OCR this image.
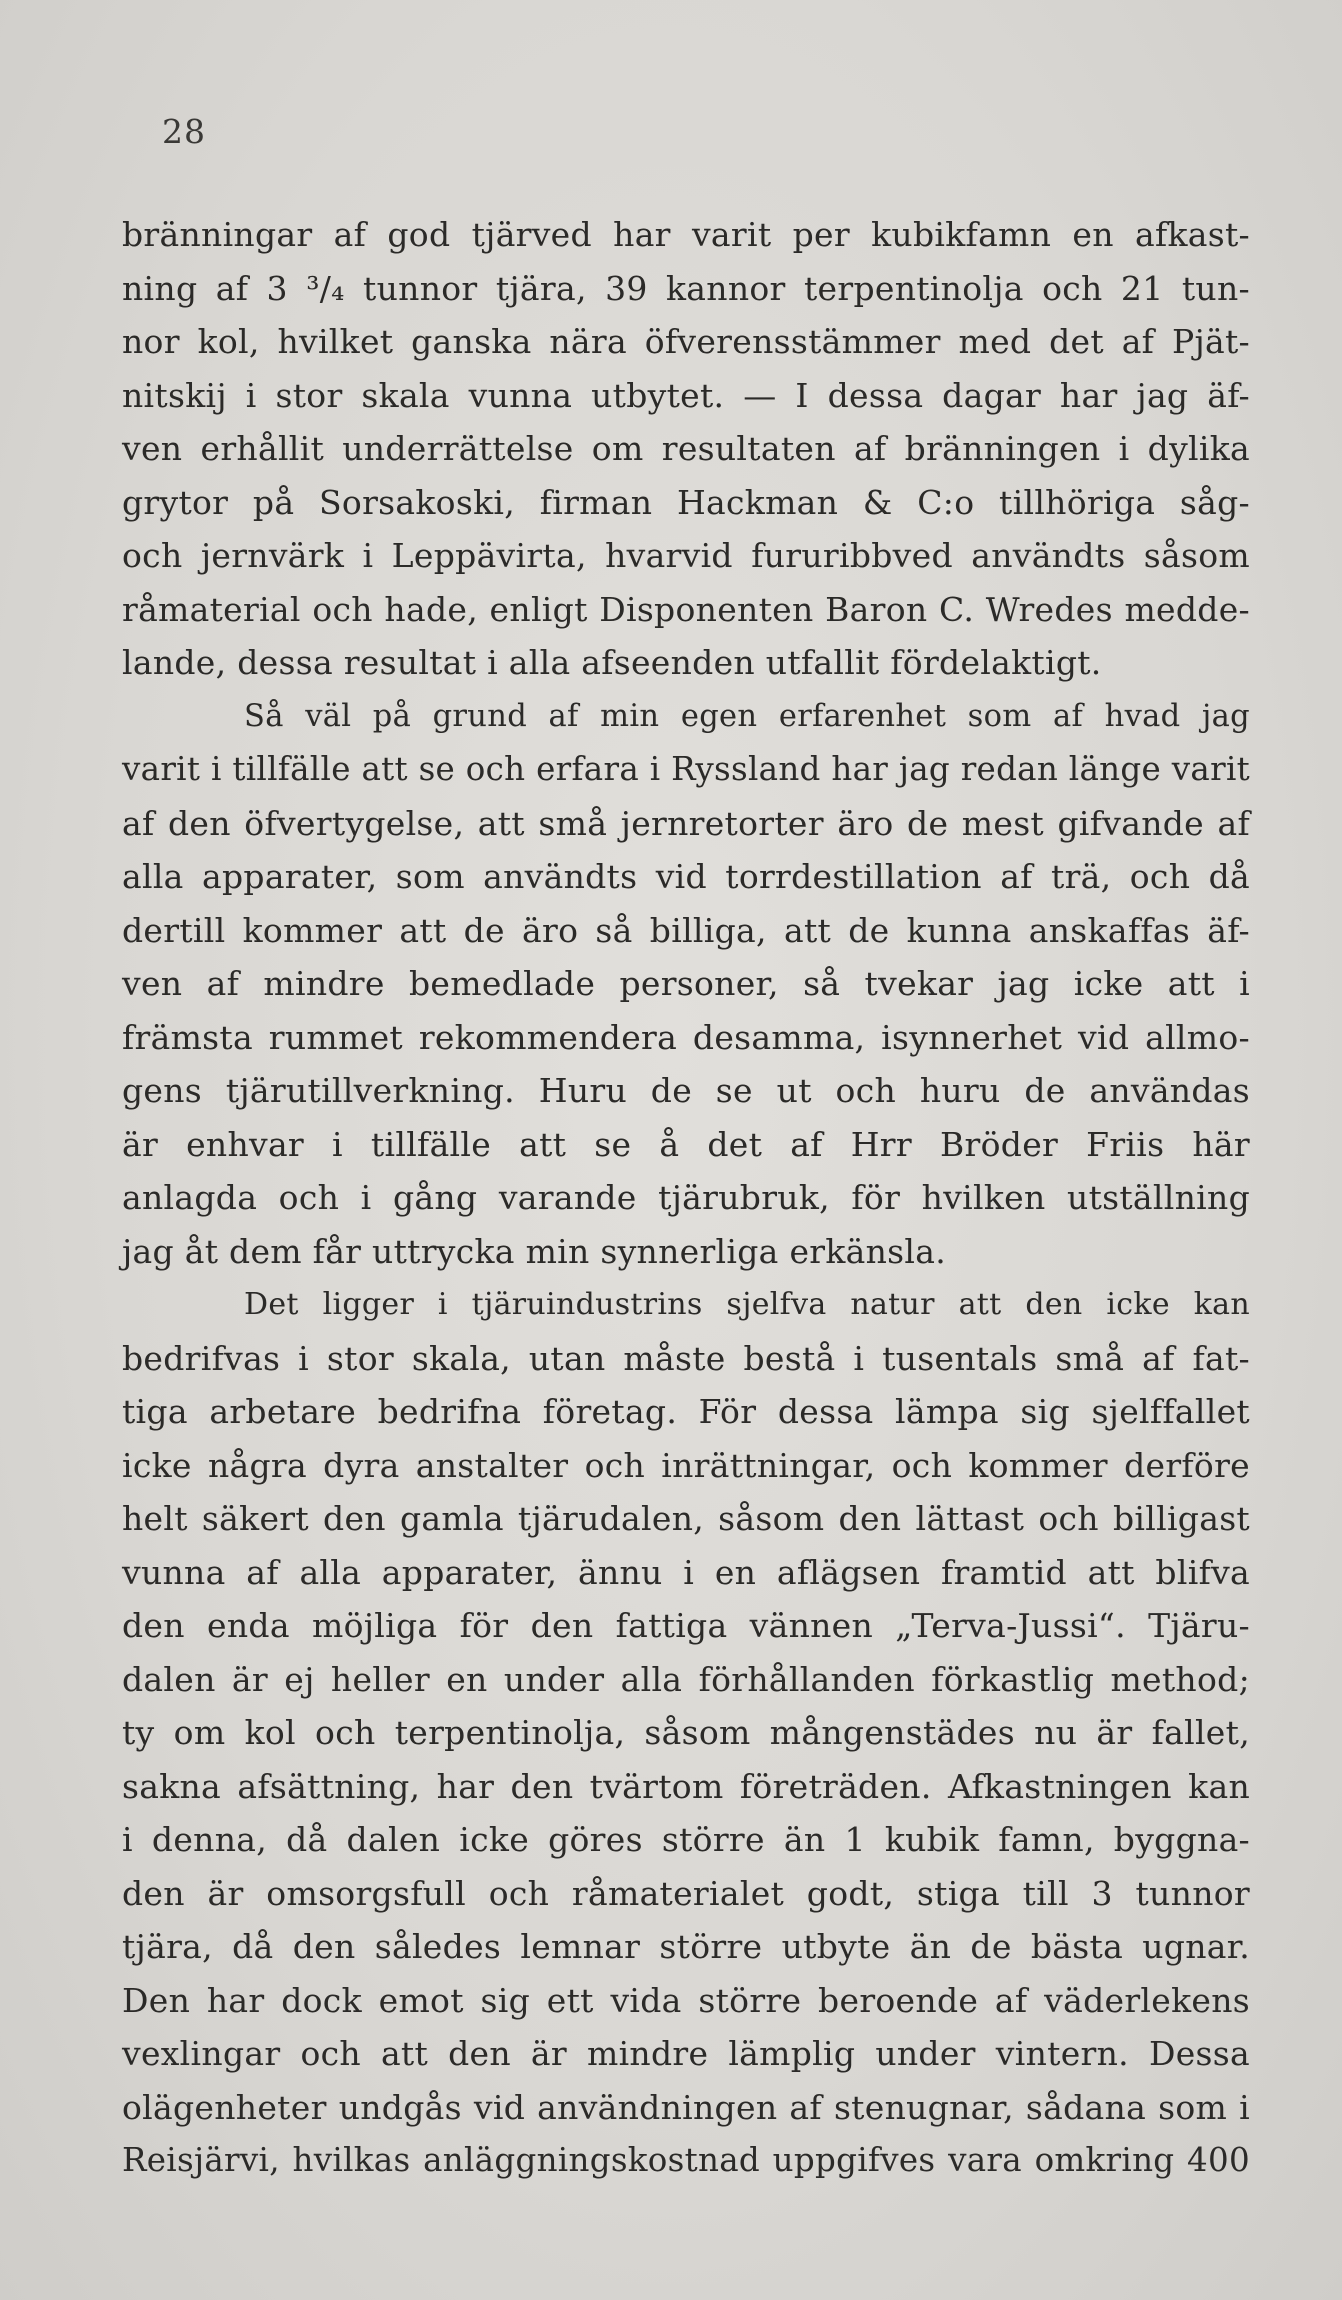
28
bränningar af god tjärved har varit per kubikfamn en afkast-
ning af 3 ³/₄ tunnor tjära, 39 kannor terpentinolja och 21 tun-
nor kol, hvilket ganska nära öfverensstämmer med det af Pjät-
nitskij i stor skala vunna utbytet. — I dessa dagar har jag äf-
ven erhållit underrättelse om resultaten af bränningen i dylika
grytor på Sorsakoski, firman Hackman & C:o tillhöriga såg-
och jernvärk i Leppävirta, hvarvid fururibbved användts såsom
råmaterial och hade, enligt Disponenten Baron C. Wredes medde-
lande, dessa resultat i alla afseenden utfallit fördelaktigt.
Så väl på grund af min egen erfarenhet som af hvad jag
varit i tillfälle att se och erfara i Ryssland har jag redan länge varit
af den öfvertygelse, att små jernretorter äro de mest gifvande af
alla apparater, som användts vid torrdestillation af trä, och då
dertill kommer att de äro så billiga, att de kunna anskaffas äf-
ven af mindre bemedlade personer, så tvekar jag icke att i
främsta rummet rekommendera desamma, isynnerhet vid allmo-
gens tjärutillverkning. Huru de se ut och huru de användas
är enhvar i tillfälle att se å det af Hrr Bröder Friis här
anlagda och i gång varande tjärubruk, för hvilken utställning
jag åt dem får uttrycka min synnerliga erkänsla.
Det ligger i tjäruindustrins sjelfva natur att den icke kan
bedrifvas i stor skala, utan måste bestå i tusentals små af fat-
tiga arbetare bedrifna företag. För dessa lämpa sig sjelffallet
icke några dyra anstalter och inrättningar, och kommer derföre
helt säkert den gamla tjärudalen, såsom den lättast och billigast
vunna af alla apparater, ännu i en aflägsen framtid att blifva
den enda möjliga för den fattiga vännen „Terva-Jussi“. Tjäru-
dalen är ej heller en under alla förhållanden förkastlig method;
ty om kol och terpentinolja, såsom mångenstädes nu är fallet,
sakna afsättning, har den tvärtom företräden. Afkastningen kan
i denna, då dalen icke göres större än 1 kubik famn, byggna-
den är omsorgsfull och råmaterialet godt, stiga till 3 tunnor
tjära, då den således lemnar större utbyte än de bästa ugnar.
Den har dock emot sig ett vida större beroende af väderlekens
vexlingar och att den är mindre lämplig under vintern. Dessa
olägenheter undgås vid användningen af stenugnar, sådana som i
Reisjärvi, hvilkas anläggningskostnad uppgifves vara omkring 400
